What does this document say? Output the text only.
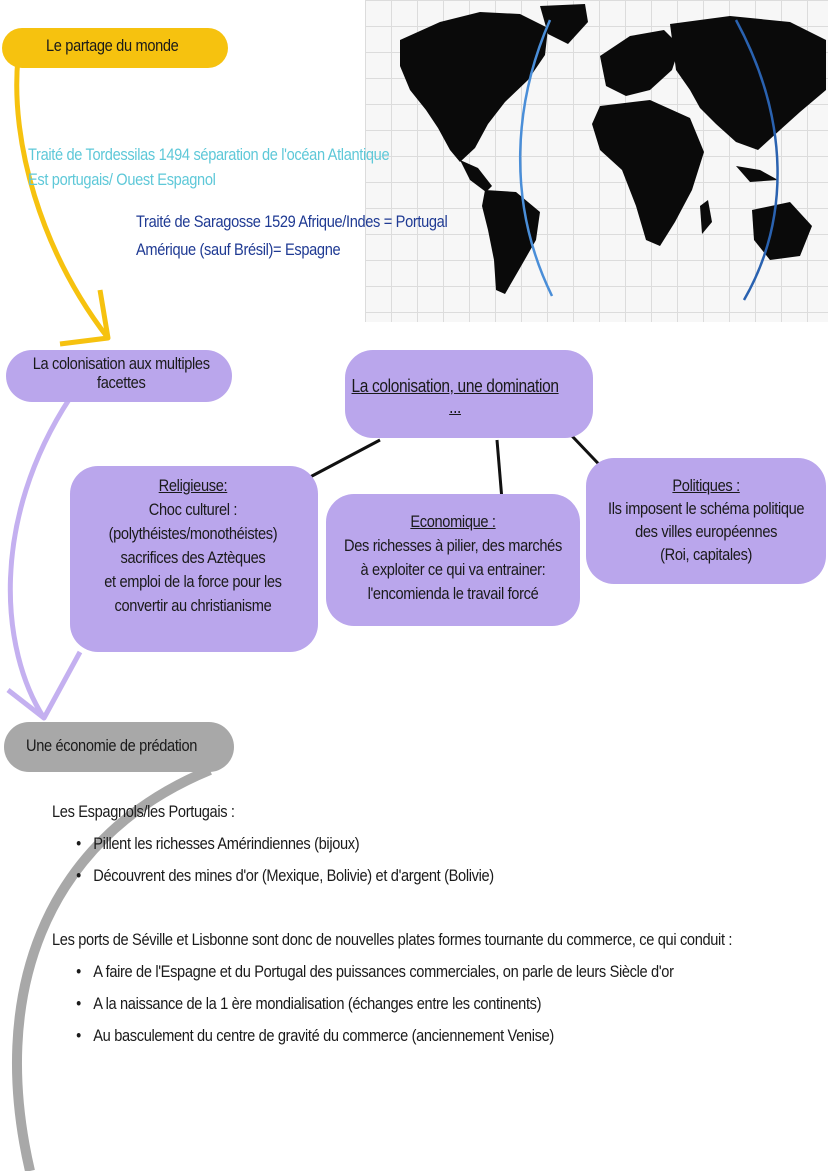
Le partage du monde
Traité de Tordessilas 1494 séparation de l'océan Atlantique
Est portugais/ Ouest Espagnol
Traité de Saragosse 1529 Afrique/Indes = Portugal
Amérique (sauf Brésil)= Espagne
La colonisation aux multiples
facettes	La colonisation, une domination ...
Religieuse:
Choc culturel :
(polythéistes/monothéistes)
sacrifices des Aztèques
et emploi de la force pour les
convertir au christianisme
Economique :
Des richesses à pilier, des marchés
à exploiter ce qui va entrainer:
l'encomienda le travail forcé
Politiques :
Ils imposent le schéma politique
des villes européennes
(Roi, capitales)
Une économie de prédation
Les Espagnols/les Portugais :
• Pillent les richesses Amérindiennes (bijoux)
• Découvrent des mines d'or (Mexique, Bolivie) et d'argent (Bolivie)
Les ports de Séville et Lisbonne sont donc de nouvelles plates formes tournante du commerce, ce qui conduit :
• A faire de l'Espagne et du Portugal des puissances commerciales, on parle de leurs Siècle d'or
• A la naissance de la 1 ère mondialisation (échanges entre les continents)
• Au basculement du centre de gravité du commerce (anciennement Venise)
